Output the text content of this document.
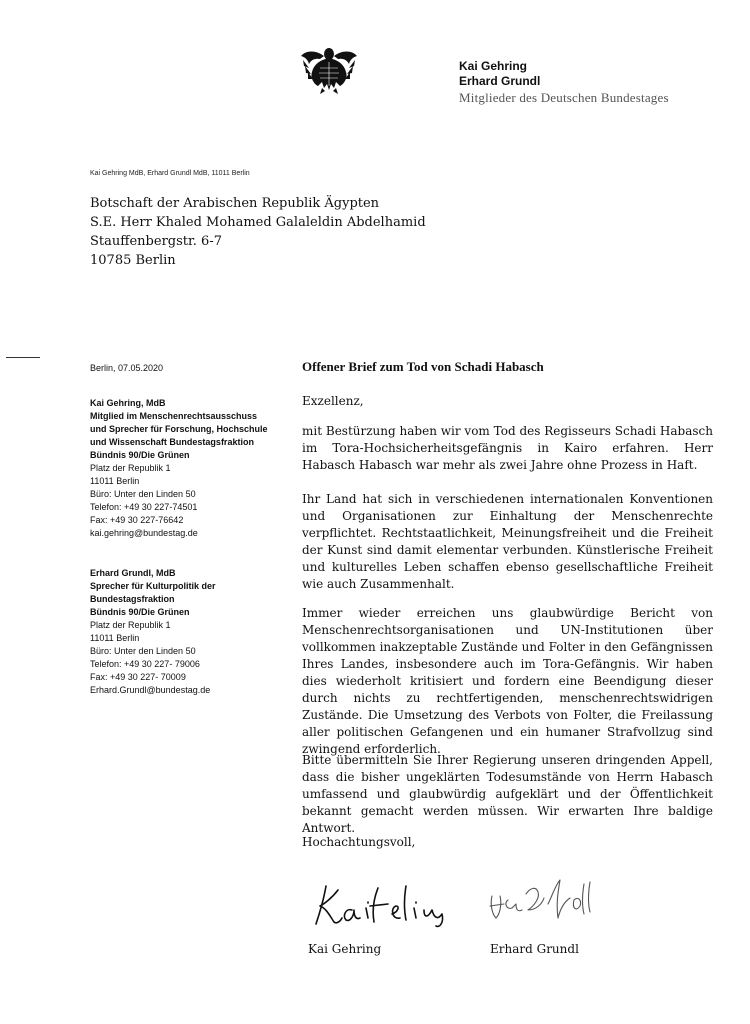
Kai Gehring
Erhard Grundl
Mitglieder des Deutschen Bundestages
Kai Gehring MdB, Erhard Grundl MdB, 11011 Berlin
Botschaft der Arabischen Republik Ägypten
S.E. Herr Khaled Mohamed Galaleldin Abdelhamid
Stauffenbergstr. 6-7
10785 Berlin
Berlin, 07.05.2020
Kai Gehring, MdB
Mitglied im Menschenrechtsausschuss
und Sprecher für Forschung, Hochschule
und Wissenschaft Bundestagsfraktion
Bündnis 90/Die Grünen
Platz der Republik 1
11011 Berlin
Büro: Unter den Linden 50
Telefon: +49 30 227-74501
Fax: +49 30 227-76642
kai.gehring@bundestag.de
Erhard Grundl, MdB
Sprecher für Kulturpolitik der
Bundestagsfraktion
Bündnis 90/Die Grünen
Platz der Republik 1
11011 Berlin
Büro: Unter den Linden 50
Telefon: +49 30 227- 79006
Fax: +49 30 227- 70009
Erhard.Grundl@bundestag.de
Offener Brief zum Tod von Schadi Habasch
Exzellenz,

mit Bestürzung haben wir vom Tod des Regisseurs Schadi Habasch im Tora-Hochsicherheitsgefängnis in Kairo erfahren. Herr Habasch Habasch war mehr als zwei Jahre ohne Prozess in Haft.

Ihr Land hat sich in verschiedenen internationalen Konventionen und Organisationen zur Einhaltung der Menschenrechte verpflichtet. Rechtstaatlichkeit, Meinungsfreiheit und die Freiheit der Kunst sind damit elementar verbunden. Künstlerische Freiheit und kulturelles Leben schaffen ebenso gesellschaftliche Freiheit wie auch Zusammenhalt.

Immer wieder erreichen uns glaubwürdige Bericht von Menschenrechtsorganisationen und UN-Institutionen über vollkommen inakzeptable Zustände und Folter in den Gefängnissen Ihres Landes, insbesondere auch im Tora-Gefängnis. Wir haben dies wiederholt kritisiert und fordern eine Beendigung dieser durch nichts zu rechtfertigenden, menschenrechtswidrigen Zustände. Die Umsetzung des Verbots von Folter, die Freilassung aller politischen Gefangenen und ein humaner Strafvollzug sind zwingend erforderlich.

Bitte übermitteln Sie Ihrer Regierung unseren dringenden Appell, dass die bisher ungeklärten Todesumstände von Herrn Habasch umfassend und glaubwürdig aufgeklärt und der Öffentlichkeit bekannt gemacht werden müssen. Wir erwarten Ihre baldige Antwort.

Hochachtungsvoll,
Kai Gehring	Erhard Grundl
